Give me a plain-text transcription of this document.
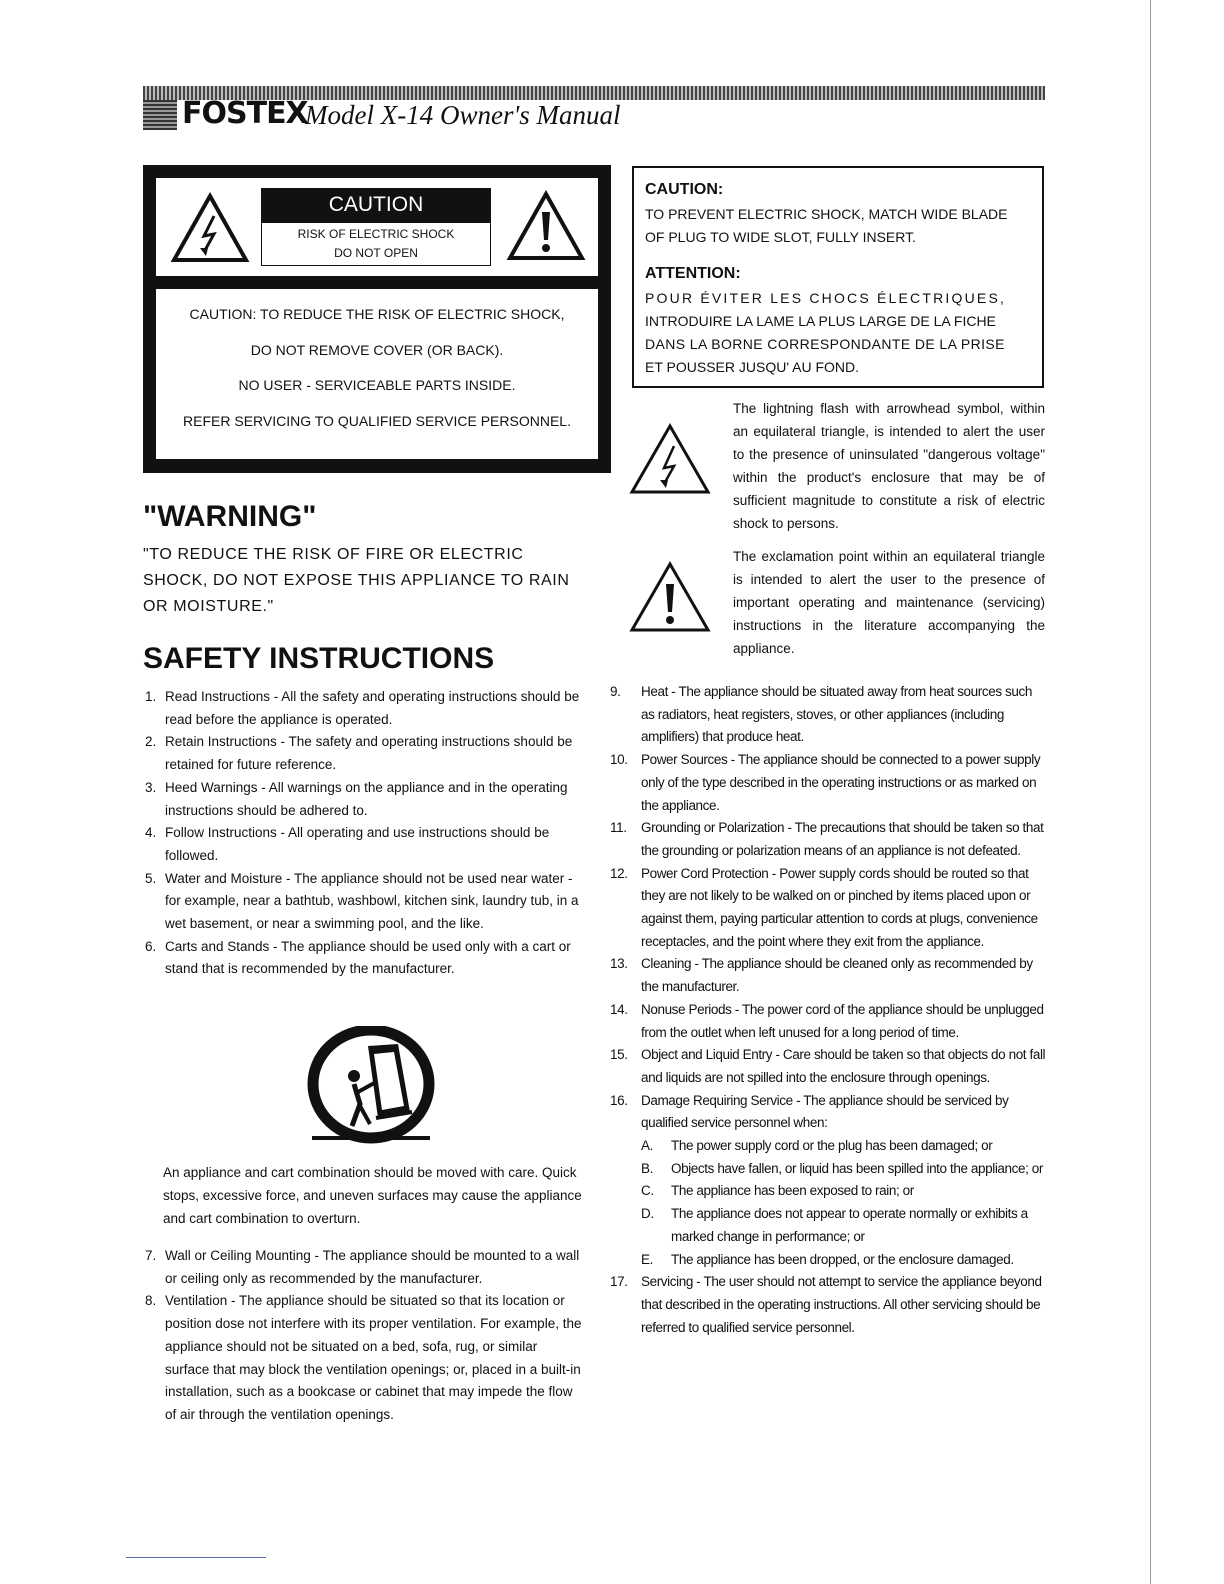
FOSTEX
Model X-14 Owner's Manual
CAUTION
RISK OF ELECTRIC SHOCK
DO NOT OPEN
CAUTION: TO REDUCE THE RISK OF ELECTRIC SHOCK,
DO NOT REMOVE COVER (OR BACK).
NO USER - SERVICEABLE PARTS INSIDE.
REFER SERVICING TO QUALIFIED SERVICE PERSONNEL.
CAUTION:
TO PREVENT ELECTRIC SHOCK, MATCH WIDE BLADE
OF PLUG TO WIDE SLOT, FULLY INSERT.
ATTENTION:
POUR ÉVITER LES CHOCS ÉLECTRIQUES,
INTRODUIRE LA LAME LA PLUS LARGE DE LA FICHE
DANS LA BORNE CORRESPONDANTE DE LA PRISE
ET POUSSER JUSQU' AU FOND.
The lightning flash with arrowhead symbol, within an equilateral triangle, is intended to alert the user to the presence of uninsulated "dangerous voltage" within the product's enclosure that may be of sufficient magnitude to constitute a risk of electric shock to persons.
The exclamation point within an equilateral triangle is intended to alert the user to the presence of important operating and maintenance (servicing) instructions in the literature accompanying the appliance.
"WARNING"
"TO REDUCE THE RISK OF FIRE OR ELECTRIC SHOCK, DO NOT EXPOSE THIS APPLIANCE TO RAIN OR MOISTURE."
SAFETY INSTRUCTIONS
1. Read Instructions - All the safety and operating instructions should be read before the appliance is operated.
2. Retain Instructions - The safety and operating instructions should be retained for future reference.
3. Heed Warnings - All warnings on the appliance and in the operating instructions should be adhered to.
4. Follow Instructions - All operating and use instructions should be followed.
5. Water and Moisture - The appliance should not be used near water - for example, near a bathtub, washbowl, kitchen sink, laundry tub, in a wet basement, or near a swimming pool, and the like.
6. Carts and Stands - The appliance should be used only with a cart or stand that is recommended by the manufacturer.
An appliance and cart combination should be moved with care. Quick stops, excessive force, and uneven surfaces may cause the appliance and cart combination to overturn.
7. Wall or Ceiling Mounting - The appliance should be mounted to a wall or ceiling only as recommended by the manufacturer.
8. Ventilation - The appliance should be situated so that its location or position dose not interfere with its proper ventilation. For example, the appliance should not be situated on a bed, sofa, rug, or similar surface that may block the ventilation openings; or, placed in a built-in installation, such as a bookcase or cabinet that may impede the flow of air through the ventilation openings.
9. Heat - The appliance should be situated away from heat sources such as radiators, heat registers, stoves, or other appliances (including amplifiers) that produce heat.
10. Power Sources - The appliance should be connected to a power supply only of the type described in the operating instructions or as marked on the appliance.
11. Grounding or Polarization - The precautions that should be taken so that the grounding or polarization means of an appliance is not defeated.
12. Power Cord Protection - Power supply cords should be routed so that they are not likely to be walked on or pinched by items placed upon or against them, paying particular attention to cords at plugs, convenience receptacles, and the point where they exit from the appliance.
13. Cleaning - The appliance should be cleaned only as recommended by the manufacturer.
14. Nonuse Periods - The power cord of the appliance should be unplugged from the outlet when left unused for a long period of time.
15. Object and Liquid Entry - Care should be taken so that objects do not fall and liquids are not spilled into the enclosure through openings.
16. Damage Requiring Service - The appliance should be serviced by qualified service personnel when:
A. The power supply cord or the plug has been damaged; or
B. Objects have fallen, or liquid has been spilled into the appliance; or
C. The appliance has been exposed to rain; or
D. The appliance does not appear to operate normally or exhibits a marked change in performance; or
E. The appliance has been dropped, or the enclosure damaged.
17. Servicing - The user should not attempt to service the appliance beyond that described in the operating instructions. All other servicing should be referred to qualified service personnel.
